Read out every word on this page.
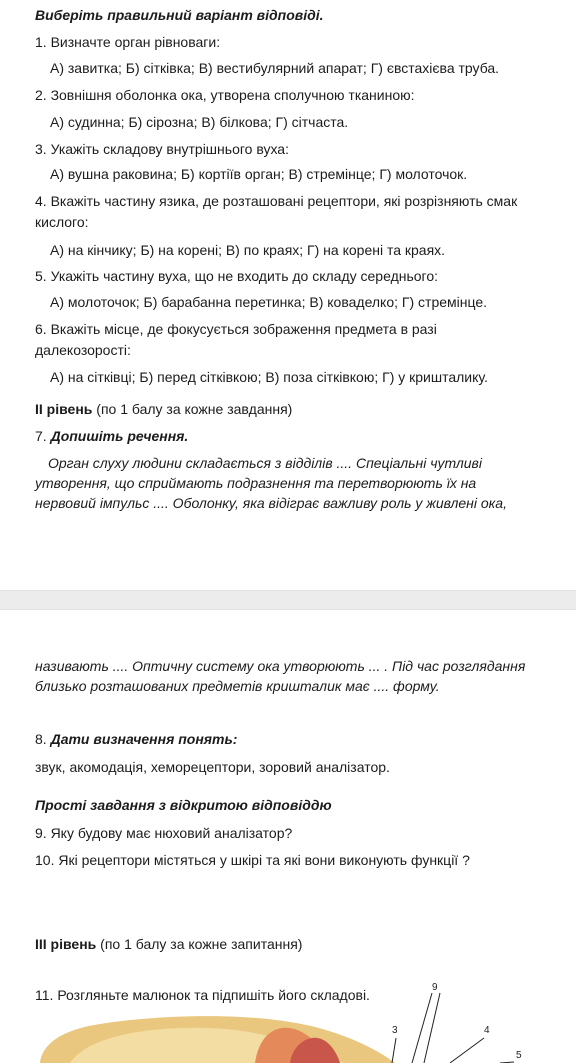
Виберіть правильний варіант відповіді.
1. Визначте орган рівноваги:
А) завитка; Б) сітківка; В) вестибулярний апарат; Г) євстахієва труба.
2. Зовнішня оболонка ока, утворена сполучною тканиною:
А) судинна; Б) сірозна; В) білкова; Г) сітчаста.
3. Укажіть складову внутрішнього вуха:
А) вушна раковина; Б) кортіїв орган; В) стремінце; Г) молоточок.
4. Вкажіть частину язика, де розташовані рецептори, які розрізняють смак
кислого:
А) на кінчику; Б) на корені; В) по краях; Г) на корені та краях.
5. Укажіть частину вуха, що не входить до складу середнього:
А) молоточок; Б) барабанна перетинка; В) коваделко; Г) стремінце.
6. Вкажіть місце, де фокусується зображення предмета в разі
далекозорості:
А) на сітківці; Б) перед сітківкою; В) поза сітківкою; Г) у кришталику.
ІІ рівень (по 1 балу за кожне завдання)
7. Допишіть речення.
Орган слуху людини складається з відділів .... Спеціальні чутливі
утворення, що сприймають подразнення та перетворюють їх на
нервовий імпульс .... Оболонку, яка відіграє важливу роль у живлені ока,
називають .... Оптичну систему ока утворюють ... . Під час розглядання
близько розташованих предметів кришталик має .... форму.
8. Дати визначення понять:
звук, акомодація, хеморецептори, зоровий аналізатор.
Прості завдання з відкритою відповіддю
9. Яку будову має нюховий аналізатор?
10. Які рецептори містяться у шкірі та які вони виконують функції ?
ІІІ рівень (по 1 балу за кожне запитання)
11. Розгляньте малюнок та підпишіть його складові.	9
3	4
5
